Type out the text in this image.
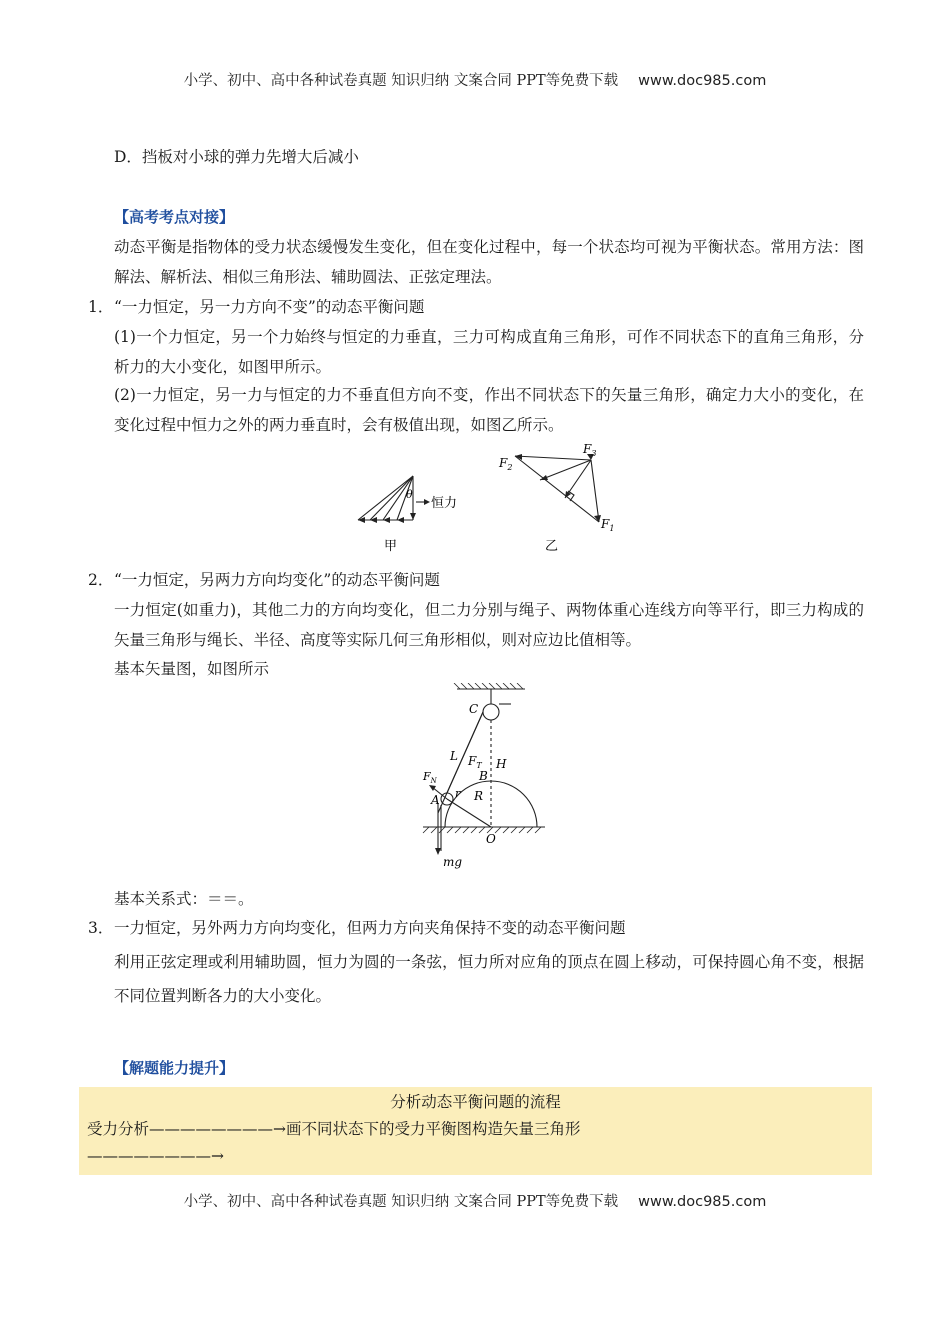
小学、初中、高中各种试卷真题 知识归纳 文案合同 PPT等免费下载 www.doc985.com
D．挡板对小球的弹力先增大后减小
【高考考点对接】
动态平衡是指物体的受力状态缓慢发生变化，但在变化过程中，每一个状态均可视为平衡状态。常用方法：图解法、解析法、相似三角形法、辅助圆法、正弦定理法。
1． “一力恒定，另一力方向不变”的动态平衡问题
(1)一个力恒定，另一个力始终与恒定的力垂直，三力可构成直角三角形，可作不同状态下的直角三角形，分析力的大小变化，如图甲所示。
(2)一力恒定，另一力与恒定的力不垂直但方向不变，作出不同状态下的矢量三角形，确定力大小的变化，在变化过程中恒力之外的两力垂直时，会有极值出现，如图乙所示。
θ
恒力
甲
$F_2$
$F_3$
$F_1$
乙
2． “一力恒定，另两力方向均变化”的动态平衡问题
一力恒定(如重力)，其他二力的方向均变化，但二力分别与绳子、两物体重心连线方向等平行，即三力构成的矢量三角形与绳长、半径、高度等实际几何三角形相似，则对应边比值相等。
基本矢量图，如图所示
C
L $F_T$ H
B
$F_N$
A r R
O
mg
基本关系式：＝＝。
3． 一力恒定，另外两力方向均变化，但两力方向夹角保持不变的动态平衡问题
利用正弦定理或利用辅助圆，恒力为圆的一条弦，恒力所对应角的顶点在圆上移动，可保持圆心角不变，根据不同位置判断各力的大小变化。
【解题能力提升】
分析动态平衡问题的流程
受力分析————————→画不同状态下的受力平衡图构造矢量三角形
————————→
小学、初中、高中各种试卷真题 知识归纳 文案合同 PPT等免费下载 www.doc985.com
